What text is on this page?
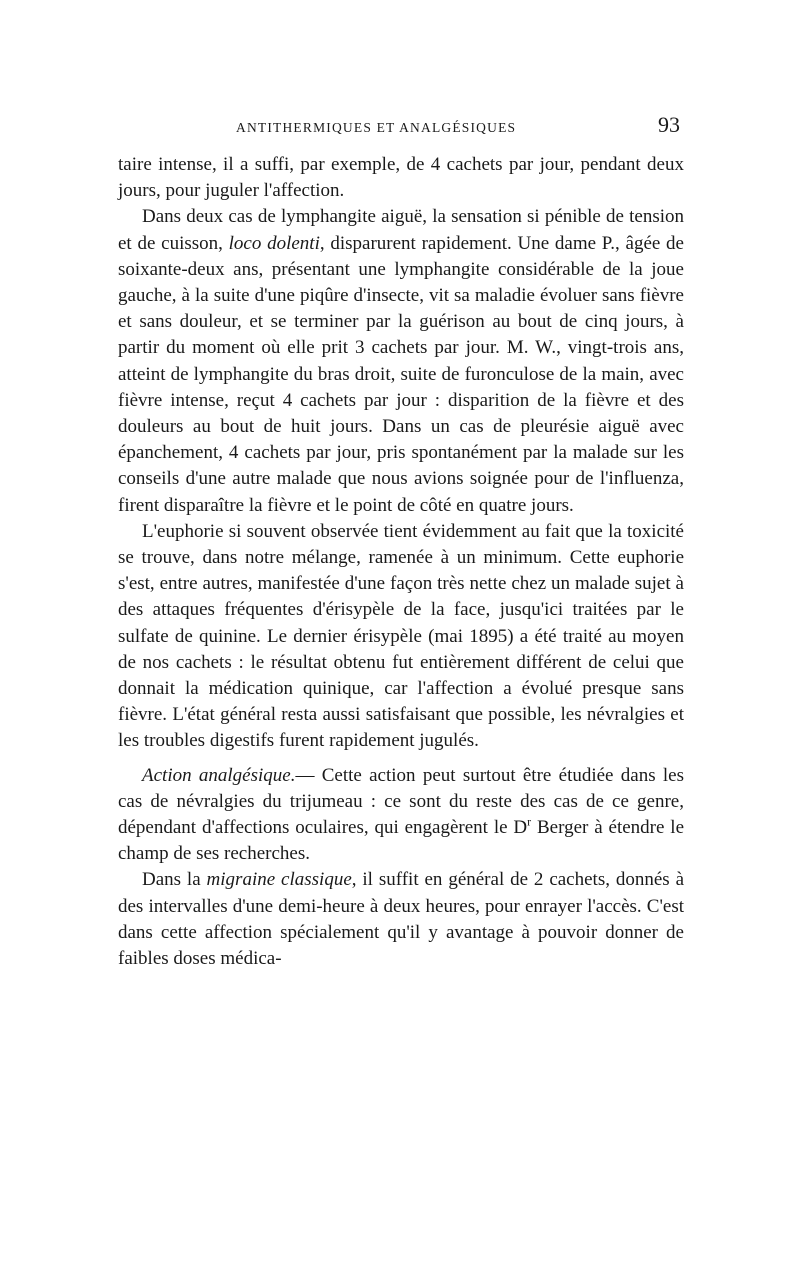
ANTITHERMIQUES ET ANALGÉSIQUES	93

taire intense, il a suffi, par exemple, de 4 cachets par jour, pendant deux jours, pour juguler l'affection.

Dans deux cas de lymphangite aiguë, la sensation si pénible de tension et de cuisson, loco dolenti, disparurent rapidement. Une dame P., âgée de soixante-deux ans, présentant une lymphangite considérable de la joue gauche, à la suite d'une piqûre d'insecte, vit sa maladie évoluer sans fièvre et sans douleur, et se terminer par la guérison au bout de cinq jours, à partir du moment où elle prit 3 cachets par jour. M. W., vingt-trois ans, atteint de lymphangite du bras droit, suite de furonculose de la main, avec fièvre intense, reçut 4 cachets par jour : disparition de la fièvre et des douleurs au bout de huit jours. Dans un cas de pleurésie aiguë avec épanchement, 4 cachets par jour, pris spontanément par la malade sur les conseils d'une autre malade que nous avions soignée pour de l'influenza, firent disparaître la fièvre et le point de côté en quatre jours.

L'euphorie si souvent observée tient évidemment au fait que la toxicité se trouve, dans notre mélange, ramenée à un minimum. Cette euphorie s'est, entre autres, manifestée d'une façon très nette chez un malade sujet à des attaques fréquentes d'érisypèle de la face, jusqu'ici traitées par le sulfate de quinine. Le dernier érisypèle (mai 1895) a été traité au moyen de nos cachets : le résultat obtenu fut entièrement différent de celui que donnait la médication quinique, car l'affection a évolué presque sans fièvre. L'état général resta aussi satisfaisant que possible, les névralgies et les troubles digestifs furent rapidement jugulés.

Action analgésique.— Cette action peut surtout être étudiée dans les cas de névralgies du trijumeau : ce sont du reste des cas de ce genre, dépendant d'affections oculaires, qui engagèrent le $D^r$ Berger à étendre le champ de ses recherches.

Dans la migraine classique, il suffit en général de 2 cachets, donnés à des intervalles d'une demi-heure à deux heures, pour enrayer l'accès. C'est dans cette affection spécialement qu'il y avantage à pouvoir donner de faibles doses médica-
